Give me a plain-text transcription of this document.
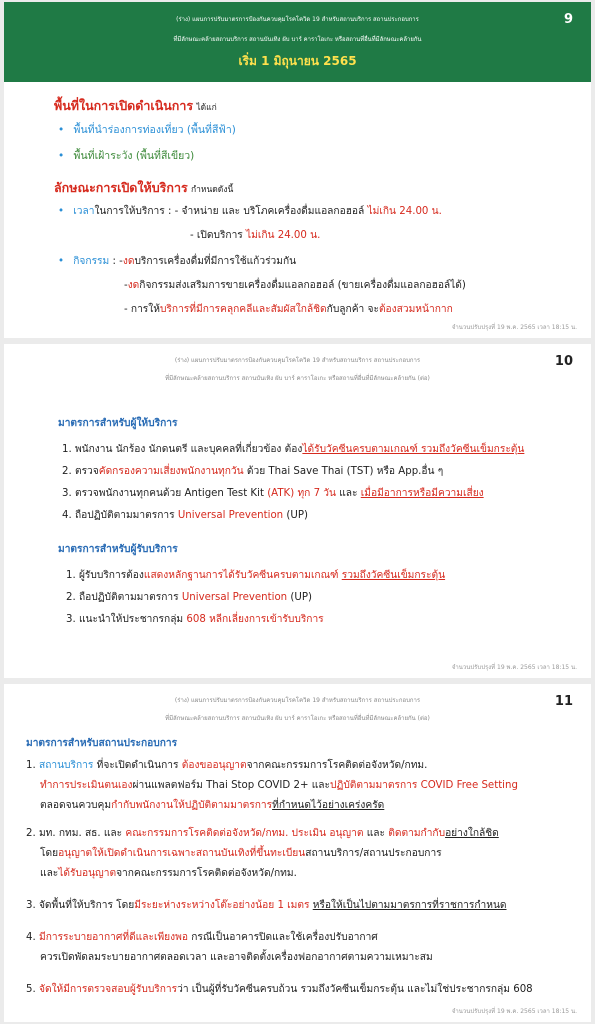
(ร่าง) แผนการปรับมาตรการป้องกันควบคุมโรคโควิด 19 สำหรับสถานบริการ สถานประกอบการ
ที่มีลักษณะคล้ายสถานบริการ สถานบันเทิง ผับ บาร์ คาราโอเกะ หรือสถานที่อื่นที่มีลักษณะคล้ายกัน
เริ่ม 1 มิถุนายน 2565
9
พื้นที่ในการเปิดดำเนินการ ได้แก่
• พื้นที่นำร่องการท่องเที่ยว (พื้นที่สีฟ้า)
• พื้นที่เฝ้าระวัง (พื้นที่สีเขียว)
ลักษณะการเปิดให้บริการ กำหนดดังนี้
• เวลาในการให้บริการ : - จำหน่าย และ บริโภคเครื่องดื่มแอลกอฮอล์ ไม่เกิน 24.00 น.
- เปิดบริการ ไม่เกิน 24.00 น.
• กิจกรรม : -งดบริการเครื่องดื่มที่มีการใช้แก้วร่วมกัน
-งดกิจกรรมส่งเสริมการขายเครื่องดื่มแอลกอฮอล์ (ขายเครื่องดื่มแอลกอฮอล์ได้)
- การให้บริการที่มีการคลุกคลีและสัมผัสใกล้ชิดกับลูกค้า จะต้องสวมหน้ากาก
จำนวนปรับปรุงที่ 19 พ.ค. 2565 เวลา 18:15 น.
(ร่าง) แผนการปรับมาตรการป้องกันควบคุมโรคโควิด 19 สำหรับสถานบริการ สถานประกอบการ
ที่มีลักษณะคล้ายสถานบริการ สถานบันเทิง ผับ บาร์ คาราโอเกะ หรือสถานที่อื่นที่มีลักษณะคล้ายกัน (ต่อ)
10
มาตรการสำหรับผู้ให้บริการ
1. พนักงาน นักร้อง นักดนตรี และบุคคลที่เกี่ยวข้อง ต้องได้รับวัคซีนครบตามเกณฑ์ รวมถึงวัคซีนเข็มกระตุ้น
2. ตรวจคัดกรองความเสี่ยงพนักงานทุกวัน ด้วย Thai Save Thai (TST) หรือ App.อื่น ๆ
3. ตรวจพนักงานทุกคนด้วย Antigen Test Kit (ATK) ทุก 7 วัน และ เมื่อมีอาการหรือมีความเสี่ยง
4. ถือปฏิบัติตามมาตรการ Universal Prevention (UP)
มาตรการสำหรับผู้รับบริการ
1. ผู้รับบริการต้องแสดงหลักฐานการได้รับวัคซีนครบตามเกณฑ์ รวมถึงวัคซีนเข็มกระตุ้น
2. ถือปฏิบัติตามมาตรการ Universal Prevention (UP)
3. แนะนำให้ประชากรกลุ่ม 608 หลีกเลี่ยงการเข้ารับบริการ
จำนวนปรับปรุงที่ 19 พ.ค. 2565 เวลา 18:15 น.
(ร่าง) แผนการปรับมาตรการป้องกันควบคุมโรคโควิด 19 สำหรับสถานบริการ สถานประกอบการ
ที่มีลักษณะคล้ายสถานบริการ สถานบันเทิง ผับ บาร์ คาราโอเกะ หรือสถานที่อื่นที่มีลักษณะคล้ายกัน (ต่อ)
11
มาตรการสำหรับสถานประกอบการ
1. สถานบริการ ที่จะเปิดดำเนินการ ต้องขออนุญาตจากคณะกรรมการโรคติดต่อจังหวัด/กทม.
ทำการประเมินตนเองผ่านแพลตฟอร์ม Thai Stop COVID 2+ และปฏิบัติตามมาตรการ COVID Free Setting
ตลอดจนควบคุมกำกับพนักงานให้ปฏิบัติตามมาตรการที่กำหนดไว้อย่างเคร่งครัด
2. มท. กทม. สธ. และ คณะกรรมการโรคติดต่อจังหวัด/กทม. ประเมิน อนุญาต และ ติดตามกำกับอย่างใกล้ชิด
โดยอนุญาตให้เปิดดำเนินการเฉพาะสถานบันเทิงที่ขึ้นทะเบียนสถานบริการ/สถานประกอบการ
และได้รับอนุญาตจากคณะกรรมการโรคติดต่อจังหวัด/กทม.
3. จัดพื้นที่ให้บริการ โดยมีระยะห่างระหว่างโต๊ะอย่างน้อย 1 เมตร หรือให้เป็นไปตามมาตรการที่ราชการกำหนด
4. มีการระบายอากาศที่ดีและเพียงพอ กรณีเป็นอาคารปิดและใช้เครื่องปรับอากาศ
ควรเปิดพัดลมระบายอากาศตลอดเวลา และอาจติดตั้งเครื่องฟอกอากาศตามความเหมาะสม
5. จัดให้มีการตรวจสอบผู้รับบริการว่า เป็นผู้ที่รับวัคซีนครบถ้วน รวมถึงวัคซีนเข็มกระตุ้น และไม่ใช่ประชากรกลุ่ม 608
จำนวนปรับปรุงที่ 19 พ.ค. 2565 เวลา 18:15 น.
